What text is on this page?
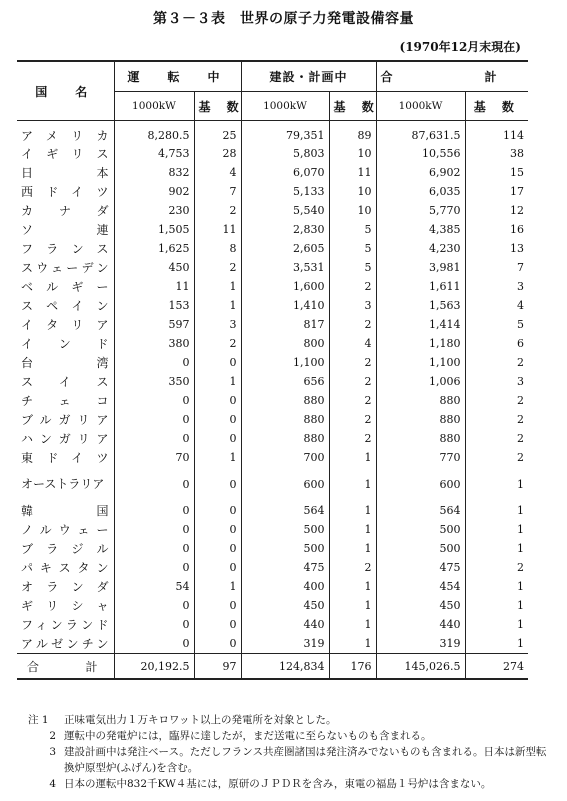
第３－３表　世界の原子力発電設備容量
(1970年12月末現在)
国　名	運　転　中		建設・計画中		合　計	
	1000kW	基 数	1000kW	基 数	1000kW	基 数
アメリカ	8,280.5	25	79,351	89	87,631.5	114
イギリス	4,753	28	5,803	10	10,556	38
日本	832	4	6,070	11	6,902	15
西ドイツ	902	7	5,133	10	6,035	17
カナダ	230	2	5,540	10	5,770	12
ソ連	1,505	11	2,830	5	4,385	16
フランス	1,625	8	2,605	5	4,230	13
スウェーデン	450	2	3,531	5	3,981	7
ベルギー	11	1	1,600	2	1,611	3
スペイン	153	1	1,410	3	1,563	4
イタリア	597	3	817	2	1,414	5
インド	380	2	800	4	1,180	6
台湾	0	0	1,100	2	1,100	2
スイス	350	1	656	2	1,006	3
チェコ	0	0	880	2	880	2
ブルガリア	0	0	880	2	880	2
ハンガリア	0	0	880	2	880	2
東ドイツ	70	1	700	1	770	2
オーストラリア	0	0	600	1	600	1
韓国	0	0	564	1	564	1
ノルウェー	0	0	500	1	500	1
ブラジル	0	0	500	1	500	1
パキスタン	0	0	475	2	475	2
オランダ	54	1	400	1	454	1
ギリシャ	0	0	450	1	450	1
フィンランド	0	0	440	1	440	1
アルゼンチン	0	0	319	1	319	1
合　計	20,192.5	97	124,834	176	145,026.5	274
注 1	正味電気出力１万キロワット以上の発電所を対象とした。
2 運転中の発電炉には，臨界に達したが，まだ送電に至らないものも含まれる。
3 建設計画中は発注ベース。ただしフランス共産圏諸国は発注済みでないものも含まれる。日本は新型転
換炉原型炉(ふげん)を含む。
4 日本の運転中832千KW４基には，原研のＪＰＤＲを含み，東電の福島１号炉は含まない。
